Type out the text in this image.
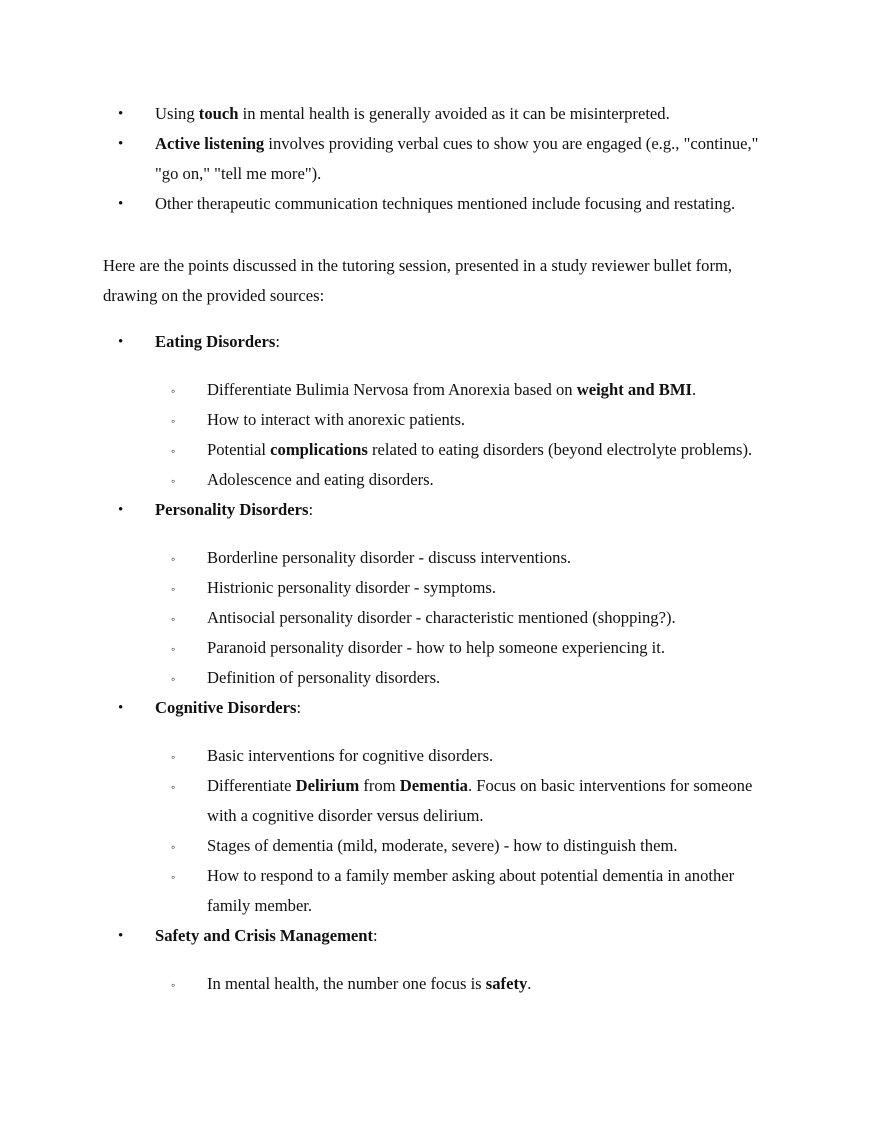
• Using touch in mental health is generally avoided as it can be misinterpreted.
• Active listening involves providing verbal cues to show you are engaged (e.g., "continue," "go on," "tell me more").
• Other therapeutic communication techniques mentioned include focusing and restating.

Here are the points discussed in the tutoring session, presented in a study reviewer bullet form, drawing on the provided sources:

• Eating Disorders:
◦ Differentiate Bulimia Nervosa from Anorexia based on weight and BMI.
◦ How to interact with anorexic patients.
◦ Potential complications related to eating disorders (beyond electrolyte problems).
◦ Adolescence and eating disorders.
• Personality Disorders:
◦ Borderline personality disorder - discuss interventions.
◦ Histrionic personality disorder - symptoms.
◦ Antisocial personality disorder - characteristic mentioned (shopping?).
◦ Paranoid personality disorder - how to help someone experiencing it.
◦ Definition of personality disorders.
• Cognitive Disorders:
◦ Basic interventions for cognitive disorders.
◦ Differentiate Delirium from Dementia. Focus on basic interventions for someone with a cognitive disorder versus delirium.
◦ Stages of dementia (mild, moderate, severe) - how to distinguish them.
◦ How to respond to a family member asking about potential dementia in another family member.
• Safety and Crisis Management:
◦ In mental health, the number one focus is safety.
